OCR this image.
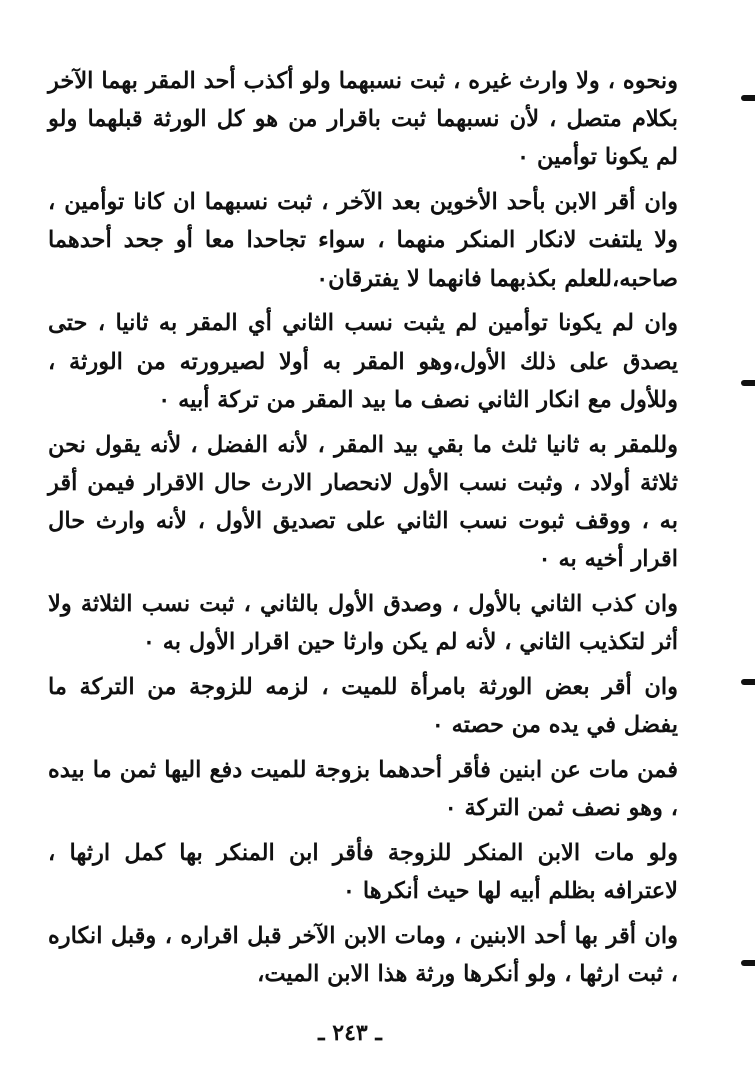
ونحوه ، ولا وارث غيره ، ثبت نسبهما ولو أكذب أحد المقر بهما الآخر بكلام متصل ، لأن نسبهما ثبت باقرار من هو كل الورثة قبلهما ولو لم يكونا توأمين ٠

وان أقر الابن بأحد الأخوين بعد الآخر ، ثبت نسبهما ان كانا توأمين ، ولا يلتفت لانكار المنكر منهما ، سواء تجاحدا معا أو جحد أحدهما صاحبه،للعلم بكذبهما فانهما لا يفترقان٠

وان لم يكونا توأمين لم يثبت نسب الثاني أي المقر به ثانيا ، حتى يصدق على ذلك الأول،وهو المقر به أولا لصيرورته من الورثة ، وللأول مع انكار الثاني نصف ما بيد المقر من تركة أبيه ٠

وللمقر به ثانيا ثلث ما بقي بيد المقر ، لأنه الفضل ، لأنه يقول نحن ثلاثة أولاد ، وثبت نسب الأول لانحصار الارث حال الاقرار فيمن أقر به ، ووقف ثبوت نسب الثاني على تصديق الأول ، لأنه وارث حال اقرار أخيه به ٠

وان كذب الثاني بالأول ، وصدق الأول بالثاني ، ثبت نسب الثلاثة ولا أثر لتكذيب الثاني ، لأنه لم يكن وارثا حين اقرار الأول به ٠

وان أقر بعض الورثة بامرأة للميت ، لزمه للزوجة من التركة ما يفضل في يده من حصته ٠

فمن مات عن ابنين فأقر أحدهما بزوجة للميت دفع اليها ثمن ما بيده ، وهو نصف ثمن التركة ٠

ولو مات الابن المنكر للزوجة فأقر ابن المنكر بها كمل ارثها ، لاعترافه بظلم أبيه لها حيث أنكرها ٠

وان أقر بها أحد الابنين ، ومات الابن الآخر قبل اقراره ، وقبل انكاره ، ثبت ارثها ، ولو أنكرها ورثة هذا الابن الميت،

ـ ٢٤٣ ـ
